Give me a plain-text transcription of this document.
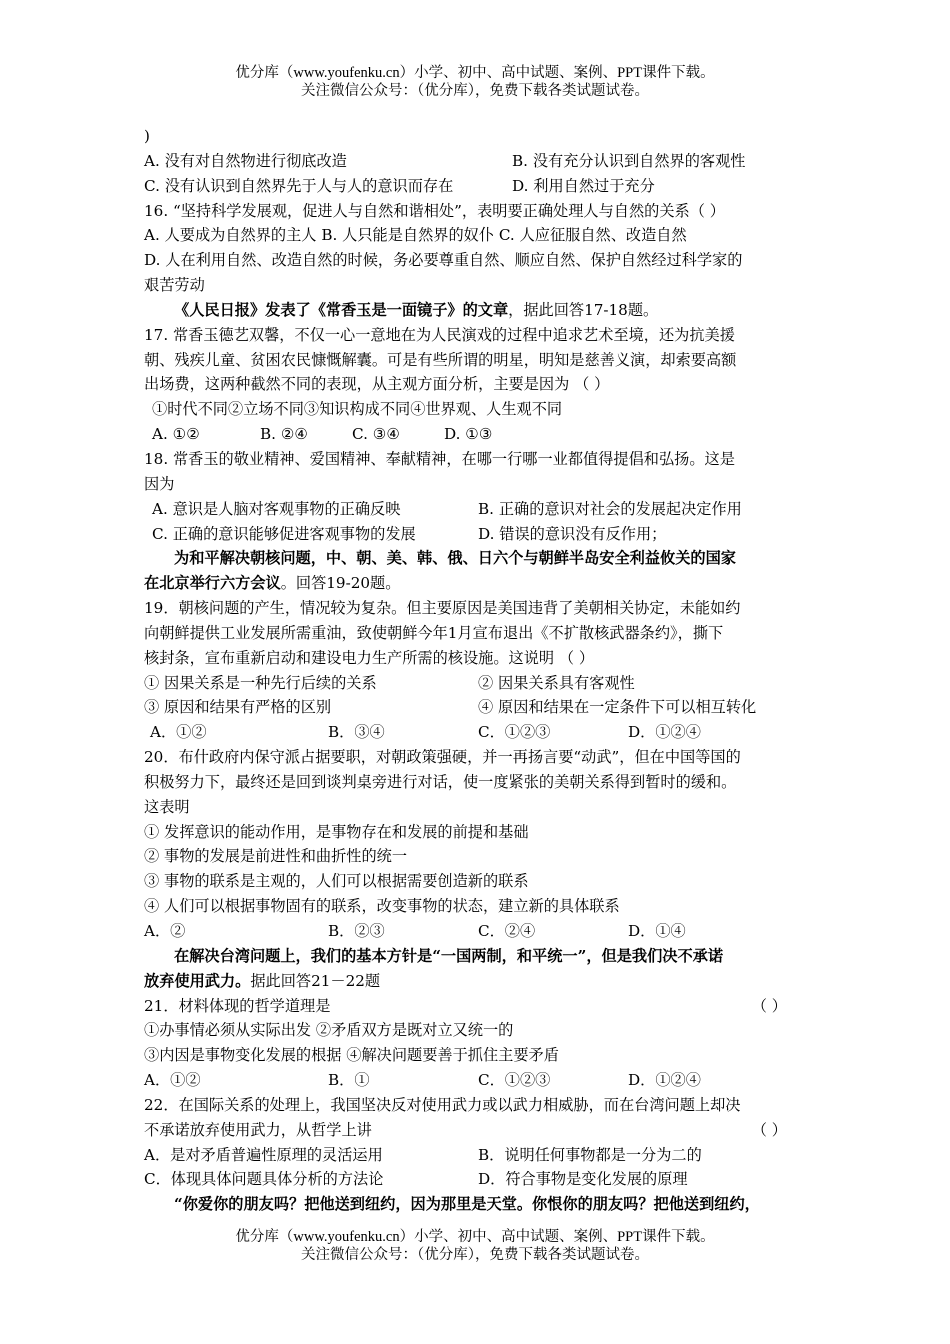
优分库（www.youfenku.cn）小学、初中、高中试题、案例、PPT课件下载。
关注微信公众号：（优分库），免费下载各类试题试卷。
)
A. 没有对自然物进行彻底改造	B. 没有充分认识到自然界的客观性
C. 没有认识到自然界先于人与人的意识而存在	D. 利用自然过于充分
16. “坚持科学发展观，促进人与自然和谐相处”，表明要正确处理人与自然的关系（ ）
A. 人要成为自然界的主人 B. 人只能是自然界的奴仆 C. 人应征服自然、改造自然
D. 人在利用自然、改造自然的时候，务必要尊重自然、顺应自然、保护自然经过科学家的
艰苦劳动
《人民日报》发表了《常香玉是一面镜子》的文章，据此回答17-18题。
17. 常香玉德艺双馨，不仅一心一意地在为人民演戏的过程中追求艺术至境，还为抗美援
朝、残疾儿童、贫困农民慷慨解囊。可是有些所谓的明星，明知是慈善义演，却索要高额
出场费，这两种截然不同的表现，从主观方面分析，主要是因为 （ ）
①时代不同②立场不同③知识构成不同④世界观、人生观不同
A. ①②	B. ②④	C. ③④	D. ①③
18. 常香玉的敬业精神、爱国精神、奉献精神，在哪一行哪一业都值得提倡和弘扬。这是
因为
A. 意识是人脑对客观事物的正确反映	B. 正确的意识对社会的发展起决定作用
C. 正确的意识能够促进客观事物的发展	D. 错误的意识没有反作用；
为和平解决朝核问题，中、朝、美、韩、俄、日六个与朝鲜半岛安全利益攸关的国家
在北京举行六方会议。回答19-20题。
19．朝核问题的产生，情况较为复杂。但主要原因是美国违背了美朝相关协定，未能如约
向朝鲜提供工业发展所需重油，致使朝鲜今年1月宣布退出《不扩散核武器条约》，撕下
核封条，宣布重新启动和建设电力生产所需的核设施。这说明 （ ）
① 因果关系是一种先行后续的关系	② 因果关系具有客观性
③ 原因和结果有严格的区别	④ 原因和结果在一定条件下可以相互转化
A．①②	B．③④	C．①②③	D．①②④
20．布什政府内保守派占据要职，对朝政策强硬，并一再扬言要“动武”，但在中国等国的
积极努力下，最终还是回到谈判桌旁进行对话，使一度紧张的美朝关系得到暂时的缓和。
这表明
① 发挥意识的能动作用，是事物存在和发展的前提和基础
② 事物的发展是前进性和曲折性的统一
③ 事物的联系是主观的，人们可以根据需要创造新的联系
④ 人们可以根据事物固有的联系，改变事物的状态，建立新的具体联系
A．②	B．②③	C．②④	D．①④
在解决台湾问题上，我们的基本方针是“一国两制，和平统一”，但是我们决不承诺
放弃使用武力。据此回答21－22题
21．材料体现的哲学道理是	（ ）
①办事情必须从实际出发 ②矛盾双方是既对立又统一的
③内因是事物变化发展的根据 ④解决问题要善于抓住主要矛盾
A．①②	B．①	C．①②③	D．①②④
22．在国际关系的处理上，我国坚决反对使用武力或以武力相威胁，而在台湾问题上却决
不承诺放弃使用武力，从哲学上讲	（ ）
A．是对矛盾普遍性原理的灵活运用	B．说明任何事物都是一分为二的
C．体现具体问题具体分析的方法论	D．符合事物是变化发展的原理
“你爱你的朋友吗？把他送到纽约，因为那里是天堂。你恨你的朋友吗？把他送到纽约，
优分库（www.youfenku.cn）小学、初中、高中试题、案例、PPT课件下载。
关注微信公众号：（优分库），免费下载各类试题试卷。
